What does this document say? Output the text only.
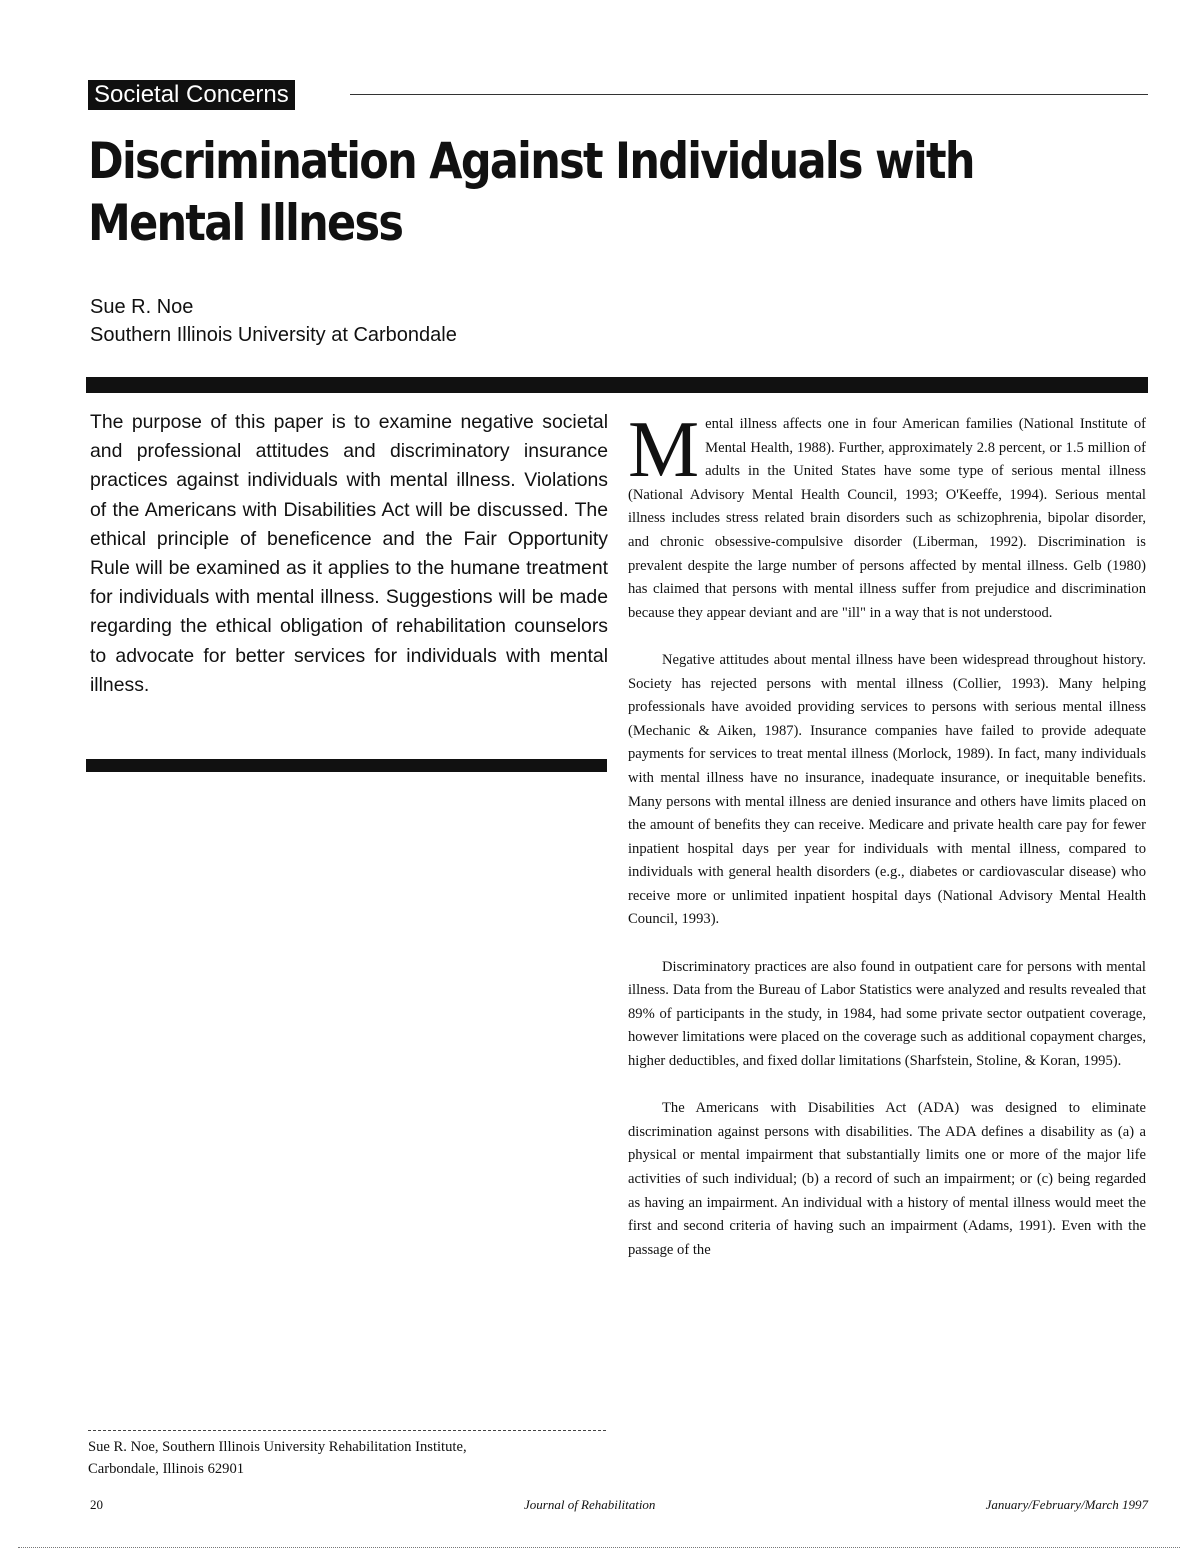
Societal Concerns
Discrimination Against Individuals with Mental Illness
Sue R. Noe
Southern Illinois University at Carbondale

The purpose of this paper is to examine negative societal and professional attitudes and discriminatory insurance practices against individuals with mental illness. Violations of the Americans with Disabilities Act will be discussed. The ethical principle of beneficence and the Fair Opportunity Rule will be examined as it applies to the humane treatment for individuals with mental illness. Suggestions will be made regarding the ethical obligation of rehabilitation counselors to advocate for better services for individuals with mental illness.

Mental illness affects one in four American families (National Institute of Mental Health, 1988). Further, approximately 2.8 percent, or 1.5 million of adults in the United States have some type of serious mental illness (National Advisory Mental Health Council, 1993; O'Keeffe, 1994). Serious mental illness includes stress related brain disorders such as schizophrenia, bipolar disorder, and chronic obsessive-compulsive disorder (Liberman, 1992). Discrimination is prevalent despite the large number of persons affected by mental illness. Gelb (1980) has claimed that persons with mental illness suffer from prejudice and discrimination because they appear deviant and are "ill" in a way that is not understood.

Negative attitudes about mental illness have been widespread throughout history. Society has rejected persons with mental illness (Collier, 1993). Many helping professionals have avoided providing services to persons with serious mental illness (Mechanic & Aiken, 1987). Insurance companies have failed to provide adequate payments for services to treat mental illness (Morlock, 1989). In fact, many individuals with mental illness have no insurance, inadequate insurance, or inequitable benefits. Many persons with mental illness are denied insurance and others have limits placed on the amount of benefits they can receive. Medicare and private health care pay for fewer inpatient hospital days per year for individuals with mental illness, compared to individuals with general health disorders (e.g., diabetes or cardiovascular disease) who receive more or unlimited inpatient hospital days (National Advisory Mental Health Council, 1993).

Discriminatory practices are also found in outpatient care for persons with mental illness. Data from the Bureau of Labor Statistics were analyzed and results revealed that 89% of participants in the study, in 1984, had some private sector outpatient coverage, however limitations were placed on the coverage such as additional copayment charges, higher deductibles, and fixed dollar limitations (Sharfstein, Stoline, & Koran, 1995).

The Americans with Disabilities Act (ADA) was designed to eliminate discrimination against persons with disabilities. The ADA defines a disability as (a) a physical or mental impairment that substantially limits one or more of the major life activities of such individual; (b) a record of such an impairment; or (c) being regarded as having an impairment. An individual with a history of mental illness would meet the first and second criteria of having such an impairment (Adams, 1991). Even with the passage of the

Sue R. Noe, Southern Illinois University Rehabilitation Institute,
Carbondale, Illinois 62901
20	Journal of Rehabilitation	January/February/March 1997
